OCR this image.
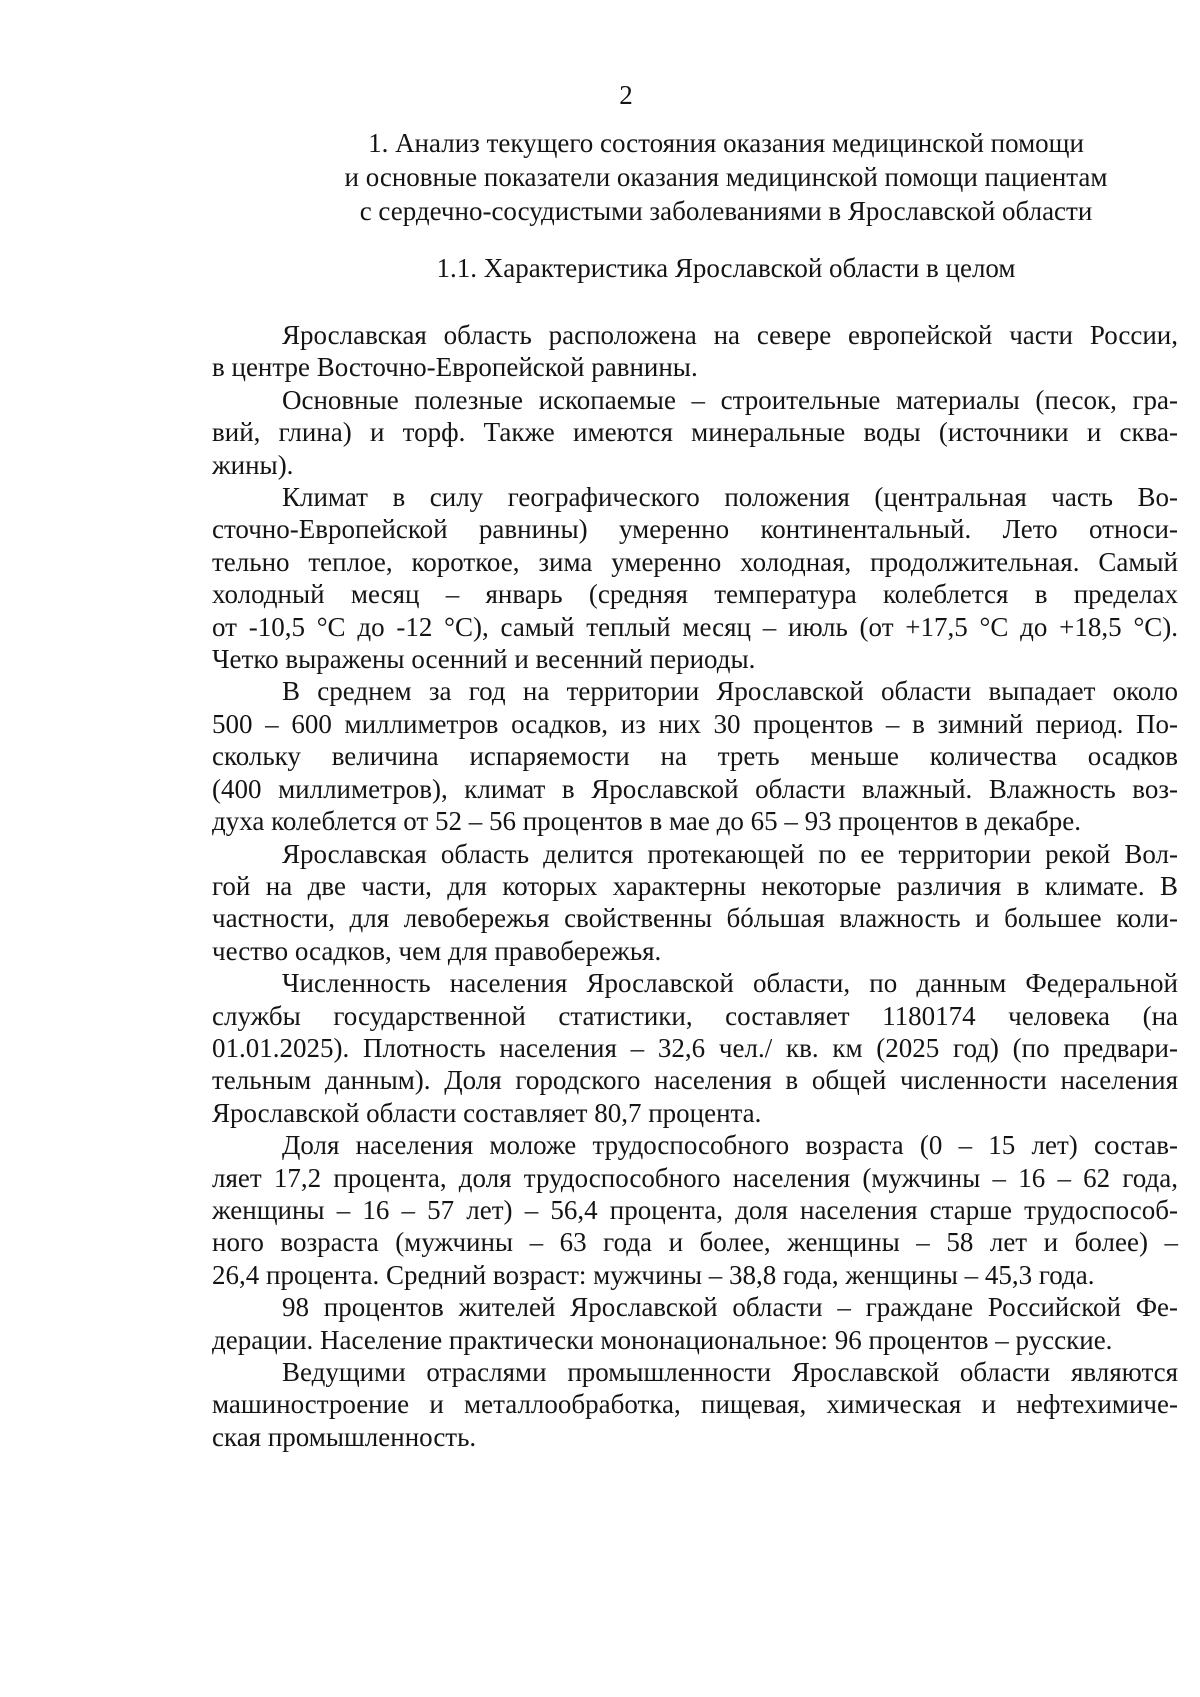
2
1. Анализ текущего состояния оказания медицинской помощи
и основные показатели оказания медицинской помощи пациентам
с сердечно-сосудистыми заболеваниями в Ярославской области
1.1. Характеристика Ярославской области в целом
Ярославская область расположена на севере европейской части России,
в центре Восточно-Европейской равнины.
Основные полезные ископаемые – строительные материалы (песок, гра-
вий, глина) и торф. Также имеются минеральные воды (источники и сква-
жины).
Климат в силу географического положения (центральная часть Во-
сточно-Европейской равнины) умеренно континентальный. Лето относи-
тельно теплое, короткое, зима умеренно холодная, продолжительная. Самый
холодный месяц – январь (средняя температура колеблется в пределах
от -10,5 °С до -12 °С), самый теплый месяц – июль (от +17,5 °С до +18,5 °С).
Четко выражены осенний и весенний периоды.
В среднем за год на территории Ярославской области выпадает около
500 – 600 миллиметров осадков, из них 30 процентов – в зимний период. По-
скольку величина испаряемости на треть меньше количества осадков
(400 миллиметров), климат в Ярославской области влажный. Влажность воз-
духа колеблется от 52 – 56 процентов в мае до 65 – 93 процентов в декабре.
Ярославская область делится протекающей по ее территории рекой Вол-
гой на две части, для которых характерны некоторые различия в климате. В
частности, для левобережья свойственны бóльшая влажность и большее коли-
чество осадков, чем для правобережья.
Численность населения Ярославской области, по данным Федеральной
службы государственной статистики, составляет 1180174 человека (на
01.01.2025). Плотность населения – 32,6 чел./ кв. км (2025 год) (по предвари-
тельным данным). Доля городского населения в общей численности населения
Ярославской области составляет 80,7 процента.
Доля населения моложе трудоспособного возраста (0 – 15 лет) состав-
ляет 17,2 процента, доля трудоспособного населения (мужчины – 16 – 62 года,
женщины – 16 – 57 лет) – 56,4 процента, доля населения старше трудоспособ-
ного возраста (мужчины – 63 года и более, женщины – 58 лет и более) –
26,4 процента. Средний возраст: мужчины – 38,8 года, женщины – 45,3 года.
98 процентов жителей Ярославской области – граждане Российской Фе-
дерации. Население практически мононациональное: 96 процентов – русские.
Ведущими отраслями промышленности Ярославской области являются
машиностроение и металлообработка, пищевая, химическая и нефтехимиче-
ская промышленность.
